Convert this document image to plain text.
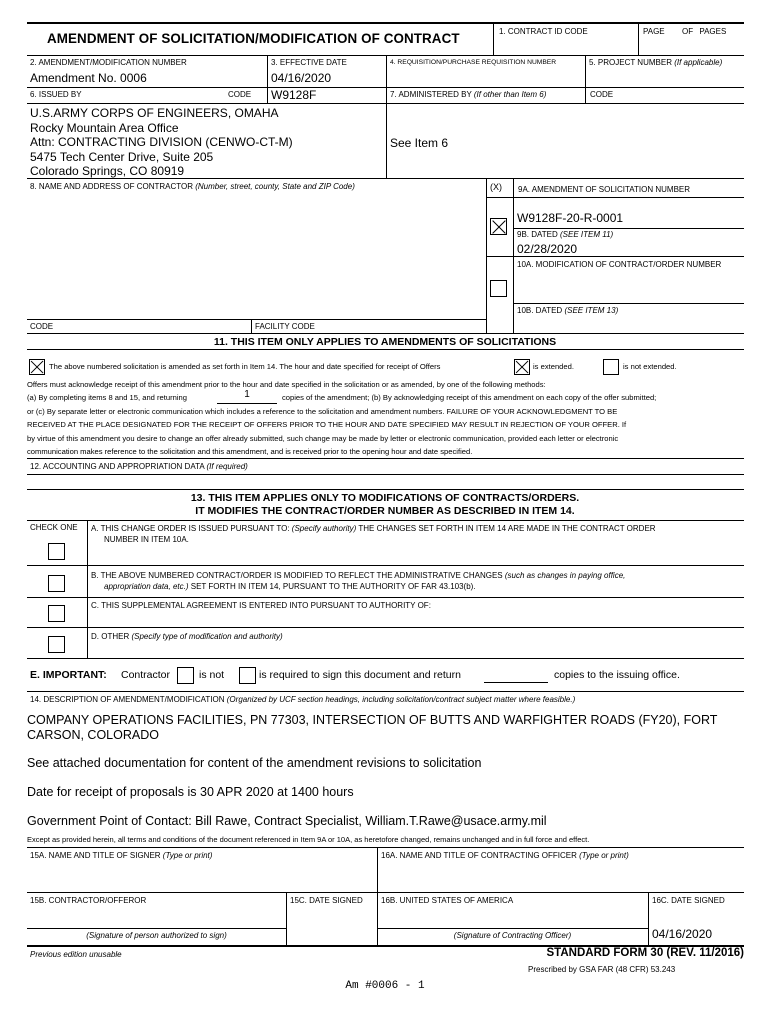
AMENDMENT OF SOLICITATION/MODIFICATION OF CONTRACT	1. CONTRACT ID CODE	PAGE OF PAGES
2. AMENDMENT/MODIFICATION NUMBER
Amendment No. 0006
3. EFFECTIVE DATE
04/16/2020
4. REQUISITION/PURCHASE REQUISITION NUMBER	5. PROJECT NUMBER (If applicable)
6. ISSUED BY	CODE W9128F	7. ADMINISTERED BY (If other than Item 6)	CODE
U.S.ARMY CORPS OF ENGINEERS, OMAHA
Rocky Mountain Area Office
Attn: CONTRACTING DIVISION (CENWO-CT-M)
5475 Tech Center Drive, Suite 205
Colorado Springs, CO 80919
See Item 6
8. NAME AND ADDRESS OF CONTRACTOR (Number, street, county, State and ZIP Code)	(X) 9A. AMENDMENT OF SOLICITATION NUMBER
W9128F-20-R-0001
9B. DATED (SEE ITEM 11)
02/28/2020
10A. MODIFICATION OF CONTRACT/ORDER NUMBER
10B. DATED (SEE ITEM 13)
CODE	FACILITY CODE
11. THIS ITEM ONLY APPLIES TO AMENDMENTS OF SOLICITATIONS
The above numbered solicitation is amended as set forth in Item 14. The hour and date specified for receipt of Offers	is extended.	is not extended.
Offers must acknowledge receipt of this amendment prior to the hour and date specified in the solicitation or as amended, by one of the following methods:
(a) By completing items 8 and 15, and returning	1	copies of the amendment; (b) By acknowledging receipt of this amendment on each copy of the offer submitted;
or (c) By separate letter or electronic communication which includes a reference to the solicitation and amendment numbers. FAILURE OF YOUR ACKNOWLEDGMENT TO BE
RECEIVED AT THE PLACE DESIGNATED FOR THE RECEIPT OF OFFERS PRIOR TO THE HOUR AND DATE SPECIFIED MAY RESULT IN REJECTION OF YOUR OFFER. If
by virtue of this amendment you desire to change an offer already submitted, such change may be made by letter or electronic communication, provided each letter or electronic
communication makes reference to the solicitation and this amendment, and is received prior to the opening hour and date specified.
12. ACCOUNTING AND APPROPRIATION DATA (If required)
13. THIS ITEM APPLIES ONLY TO MODIFICATIONS OF CONTRACTS/ORDERS.
IT MODIFIES THE CONTRACT/ORDER NUMBER AS DESCRIBED IN ITEM 14.
CHECK ONE A. THIS CHANGE ORDER IS ISSUED PURSUANT TO: (Specify authority) THE CHANGES SET FORTH IN ITEM 14 ARE MADE IN THE CONTRACT ORDER
NUMBER IN ITEM 10A.
B. THE ABOVE NUMBERED CONTRACT/ORDER IS MODIFIED TO REFLECT THE ADMINISTRATIVE CHANGES (such as changes in paying office,
appropriation data, etc.) SET FORTH IN ITEM 14, PURSUANT TO THE AUTHORITY OF FAR 43.103(b).
C. THIS SUPPLEMENTAL AGREEMENT IS ENTERED INTO PURSUANT TO AUTHORITY OF:
D. OTHER (Specify type of modification and authority)
E. IMPORTANT: Contractor	is not	is required to sign this document and return	copies to the issuing office.
14. DESCRIPTION OF AMENDMENT/MODIFICATION (Organized by UCF section headings, including solicitation/contract subject matter where feasible.)
COMPANY OPERATIONS FACILITIES, PN 77303, INTERSECTION OF BUTTS AND WARFIGHTER ROADS (FY20), FORT
CARSON, COLORADO
See attached documentation for content of the amendment revisions to solicitation
Date for receipt of proposals is 30 APR 2020 at 1400 hours
Government Point of Contact: Bill Rawe, Contract Specialist, William.T.Rawe@usace.army.mil
Except as provided herein, all terms and conditions of the document referenced in Item 9A or 10A, as heretofore changed, remains unchanged and in full force and effect.
15A. NAME AND TITLE OF SIGNER (Type or print)	16A. NAME AND TITLE OF CONTRACTING OFFICER (Type or print)
15B. CONTRACTOR/OFFEROR	15C. DATE SIGNED 16B. UNITED STATES OF AMERICA	16C. DATE SIGNED
(Signature of person authorized to sign)	(Signature of Contracting Officer)	04/16/2020
Previous edition unusable	STANDARD FORM 30 (REV. 11/2016)
Prescribed by GSA FAR (48 CFR) 53.243
Am #0006 - 1
